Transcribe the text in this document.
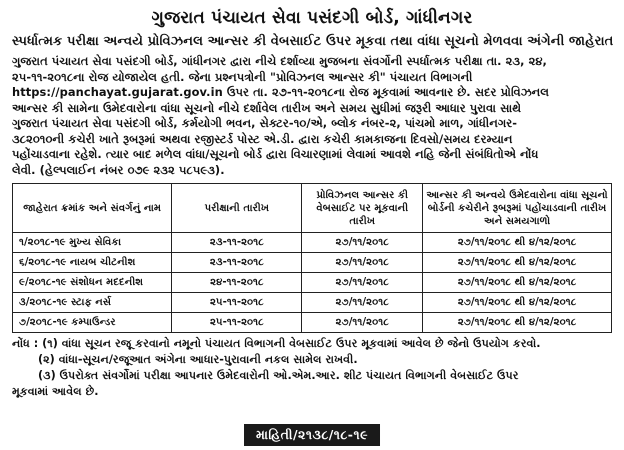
ગુજરાત પંચાયત સેવા પસંદગી બોર્ડ, ગાંધીનગર
સ્પર્ધાત્મક પરીક્ષા અન્વયે પ્રોવિઝનલ આન્સર કી વેબસાઈટ ઉપર મૂકવા તથા વાંધા સૂચનો મેળવવા અંગેની જાહેરાત
ગુજરાત પંચાયત સેવા પસંદગી બોર્ડ, ગાંધીનગર દ્વારા નીચે દર્શાવ્યા મુજબના સંવર્ગોની સ્પર્ધાત્મક પરીક્ષા તા. ૨૩, ૨૪,
૨૫-૧૧-૨૦૧૮ના રોજ યોજાયેલ હતી. જેના પ્રશ્નપત્રોની "પ્રોવિઝનલ આન્સર કી" પંચાયત વિભાગની
https://panchayat.gujarat.gov.in ઉપર તા. ૨૭-૧૧-૨૦૧૮ના રોજ મૂકવામાં આવનાર છે. સદર પ્રોવિઝનલ
આન્સર કી સામેના ઉમેદવારોના વાંધા સૂચનો નીચે દર્શાવેલ તારીખ અને સમય સુધીમાં જરૂરી આધાર પુરાવા સાથે
ગુજરાત પંચાયત સેવા પસંદગી બોર્ડ, કર્મયોગી ભવન, સેક્ટર-૧૦/એ, બ્લોક નંબર-૨, પાંચમો માળ, ગાંધીનગર-
૩૮૨૦૧૦ની કચેરી ખાતે રૂબરૂમાં અથવા રજીસ્ટર્ડ પોસ્ટ એ.ડી. દ્વારા કચેરી કામકાજના દિવસો/સમય દરમ્યાન
પહોંચાડવાના રહેશે. ત્યાર બાદ મળેલ વાંધા/સૂચનો બોર્ડ દ્વારા વિચારણામાં લેવામાં આવશે નહિ જેની સંબંધિતોએ નોંધ
લેવી. (હેલ્પલાઈન નંબર ૦૭૯ ૨૩૨ ૫૮૫૯૩).
જાહેરાત ક્રમાંક અને સંવર્ગનું નામ	પરીક્ષાની તારીખ	પ્રોવિઝનલ આન્સર કી વેબસાઈટ પર મૂકવાની તારીખ	આન્સર કી અન્વયે ઉમેદવારોના વાંધા સૂચનો બોર્ડની કચેરીને રૂબરૂમાં પહોંચાડવાની તારીખ અને સમયગાળો
૧/૨૦૧૮-૧૯ મુખ્ય સેવિકા	૨૩-૧૧-૨૦૧૮	૨૭/૧૧/૨૦૧૮	૨૭/૧૧/૨૦૧૮ થી ૪/૧૨/૨૦૧૮
૬/૨૦૧૮-૧૯ નાયબ ચીટનીશ	૨૩-૧૧-૨૦૧૮	૨૭/૧૧/૨૦૧૮	૨૭/૧૧/૨૦૧૮ થી ૪/૧૨/૨૦૧૮
૯/૨૦૧૮-૧૯ સંશોધન મદદનીશ	૨૪-૧૧-૨૦૧૮	૨૭/૧૧/૨૦૧૮	૨૭/૧૧/૨૦૧૮ થી ૪/૧૨/૨૦૧૮
૩/૨૦૧૮-૧૯ સ્ટાફ નર્સ	૨૫-૧૧-૨૦૧૮	૨૭/૧૧/૨૦૧૮	૨૭/૧૧/૨૦૧૮ થી ૪/૧૨/૨૦૧૮
૭/૨૦૧૮-૧૯ કમ્પાઉન્ડર	૨૫-૧૧-૨૦૧૮	૨૭/૧૧/૨૦૧૮	૨૭/૧૧/૨૦૧૮ થી ૪/૧૨/૨૦૧૮
નોંધ : (૧) વાંધા સૂચન રજૂ કરવાનો નમૂનો પંચાયત વિભાગની વેબસાઈટ ઉપર મૂકવામાં આવેલ છે જેનો ઉપયોગ કરવો.
(૨) વાંધા-સૂચન/રજૂઆત અંગેના આધાર-પુરાવાની નકલ સામેલ રાખવી.
(૩) ઉપરોક્ત સંવર્ગોમાં પરીક્ષા આપનાર ઉમેદવારોની ઓ.એમ.આર. શીટ પંચાયત વિભાગની વેબસાઈટ ઉપર
મૂકવામાં આવેલ છે.
માહિતી/૨૧૩૮/૧૮-૧૯
